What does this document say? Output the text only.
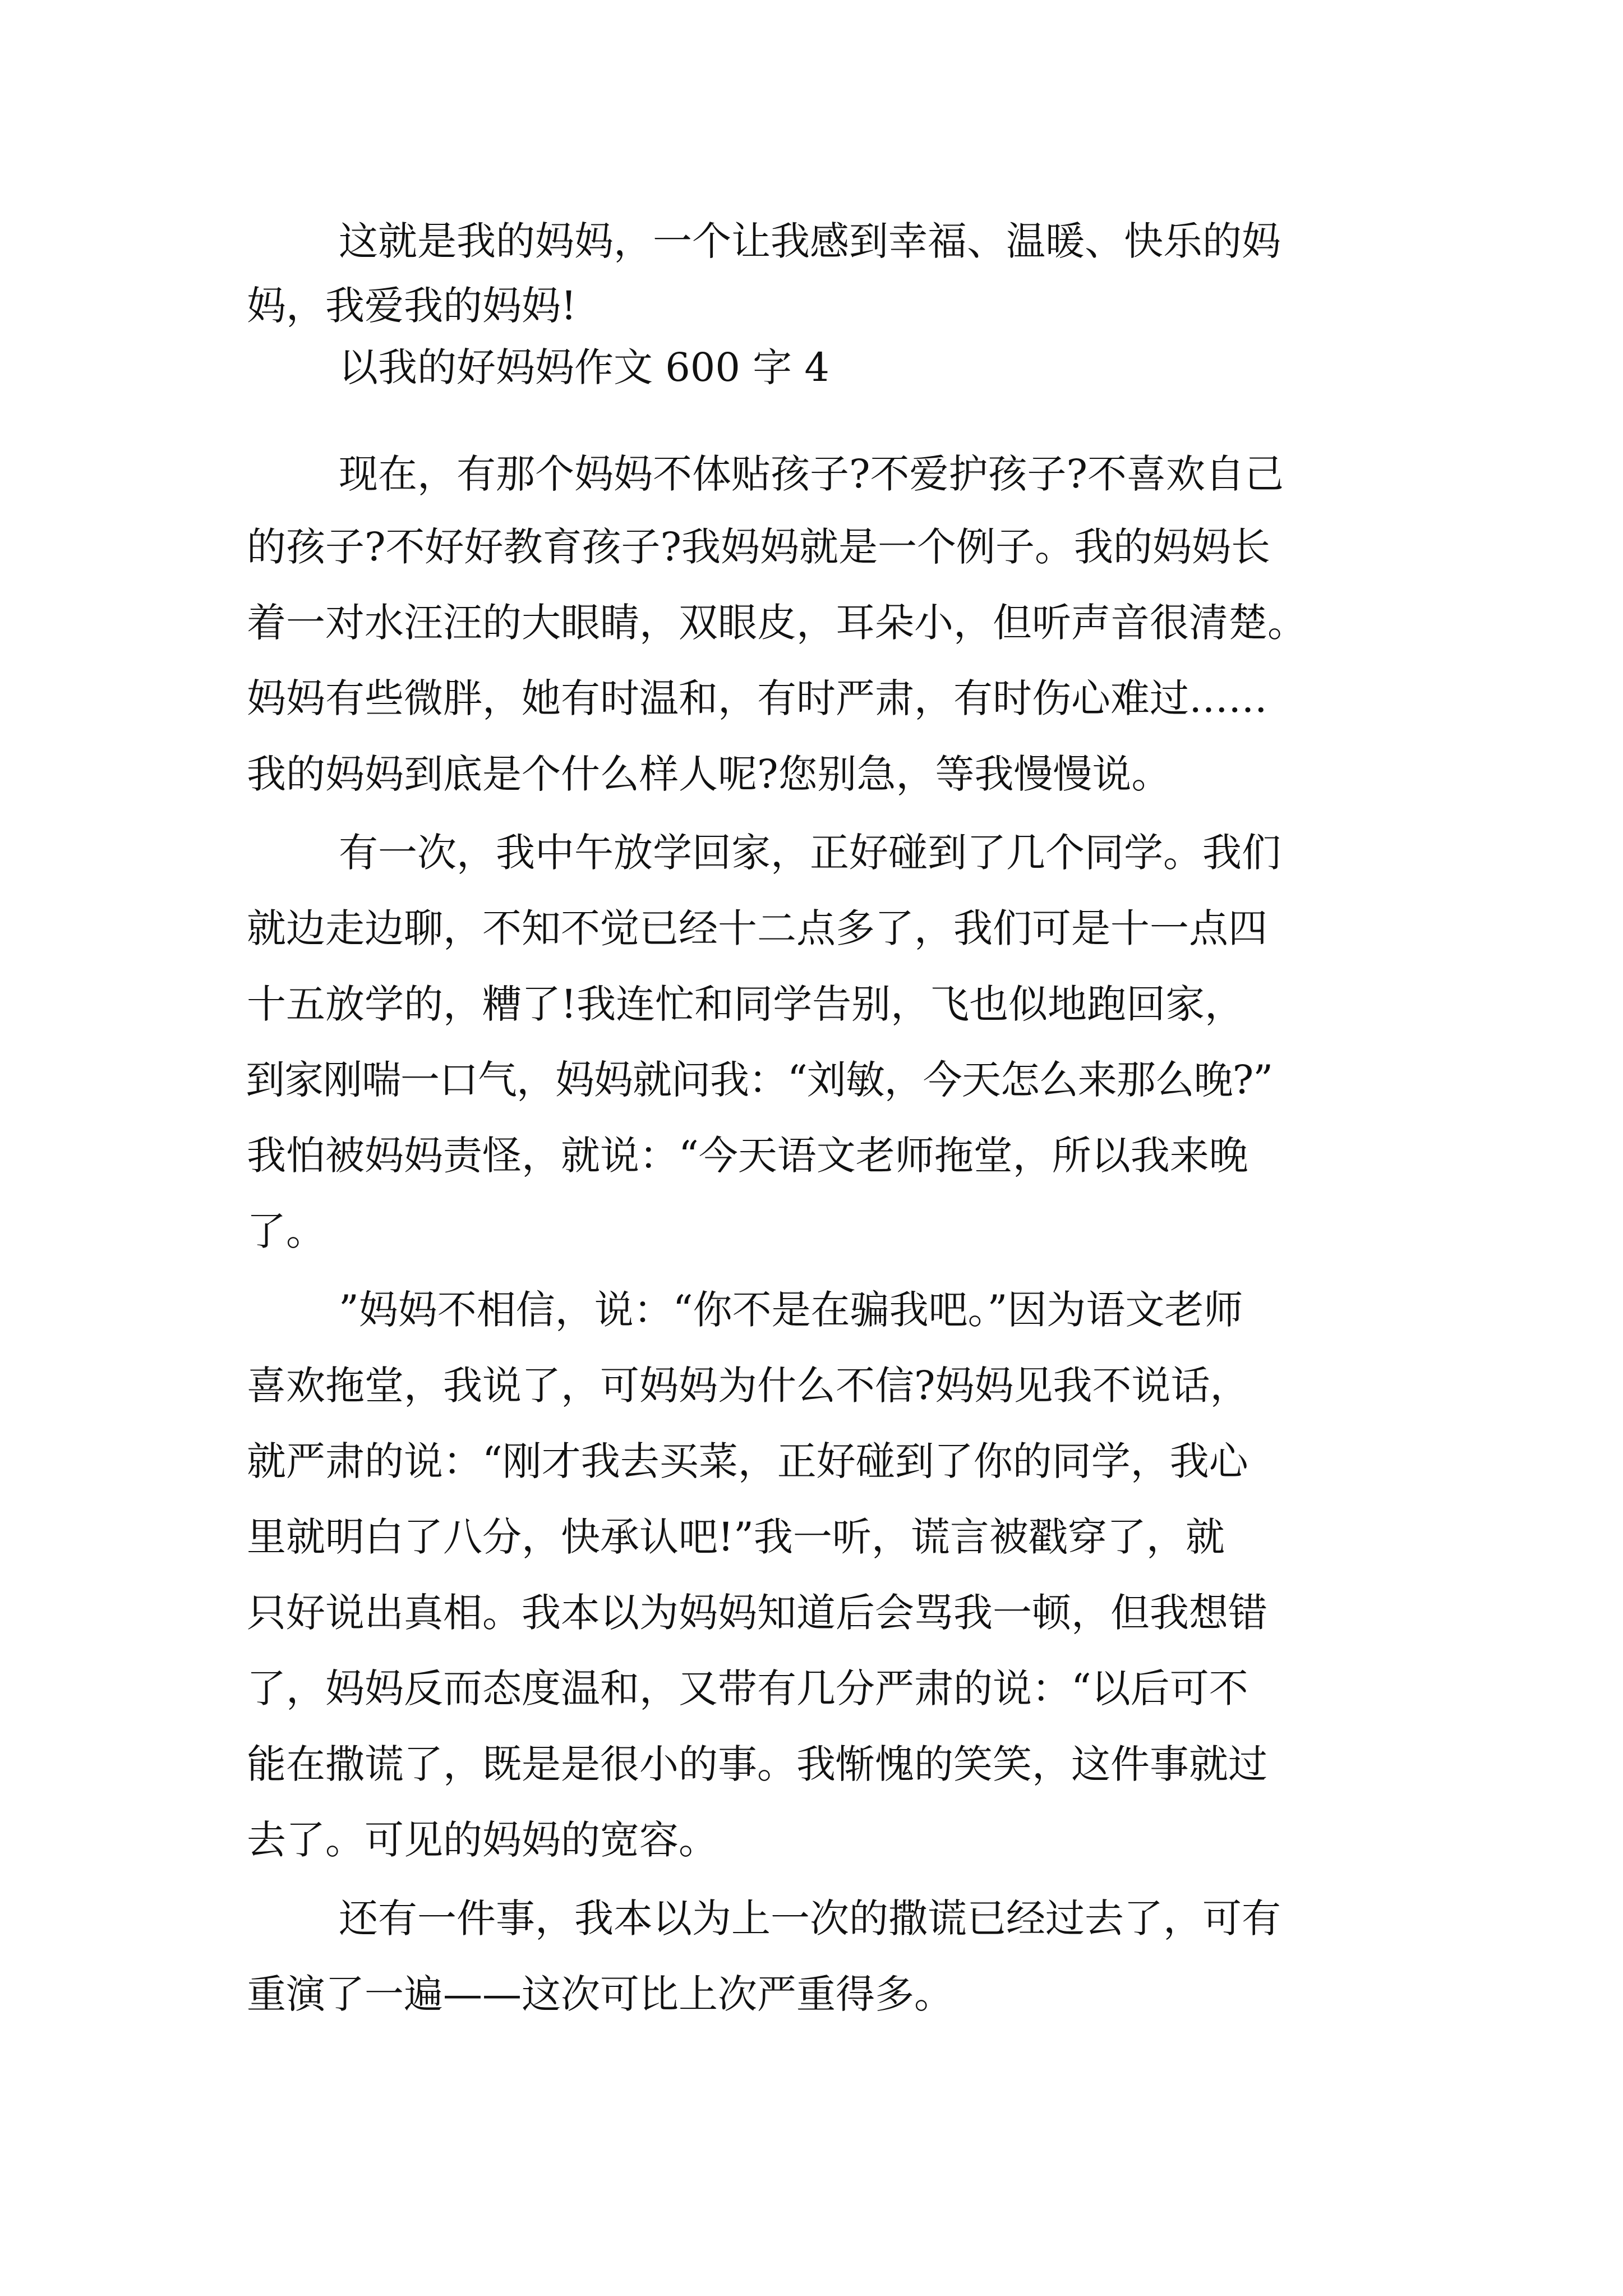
这就是我的妈妈，一个让我感到幸福、温暖、快乐的妈

妈，我爱我的妈妈!

以我的好妈妈作文 600 字 4

现在，有那个妈妈不体贴孩子?不爱护孩子?不喜欢自己

的孩子?不好好教育孩子?我妈妈就是一个例子。我的妈妈长

着一对水汪汪的大眼睛，双眼皮，耳朵小，但听声音很清楚。

妈妈有些微胖，她有时温和，有时严肃，有时伤心难过……

我的妈妈到底是个什么样人呢?您别急，等我慢慢说。

有一次，我中午放学回家，正好碰到了几个同学。我们

就边走边聊，不知不觉已经十二点多了，我们可是十一点四

十五放学的，糟了!我连忙和同学告别，飞也似地跑回家，

到家刚喘一口气，妈妈就问我：“刘敏，今天怎么来那么晚?”

我怕被妈妈责怪，就说：“今天语文老师拖堂，所以我来晚

了。

”妈妈不相信，说：“你不是在骗我吧。”因为语文老师

喜欢拖堂，我说了，可妈妈为什么不信?妈妈见我不说话，

就严肃的说：“刚才我去买菜，正好碰到了你的同学，我心

里就明白了八分，快承认吧!”我一听，谎言被戳穿了，就

只好说出真相。我本以为妈妈知道后会骂我一顿，但我想错

了，妈妈反而态度温和，又带有几分严肃的说：“以后可不

能在撒谎了，既是是很小的事。我惭愧的笑笑，这件事就过

去了。可见的妈妈的宽容。

还有一件事，我本以为上一次的撒谎已经过去了，可有

重演了一遍——这次可比上次严重得多。
